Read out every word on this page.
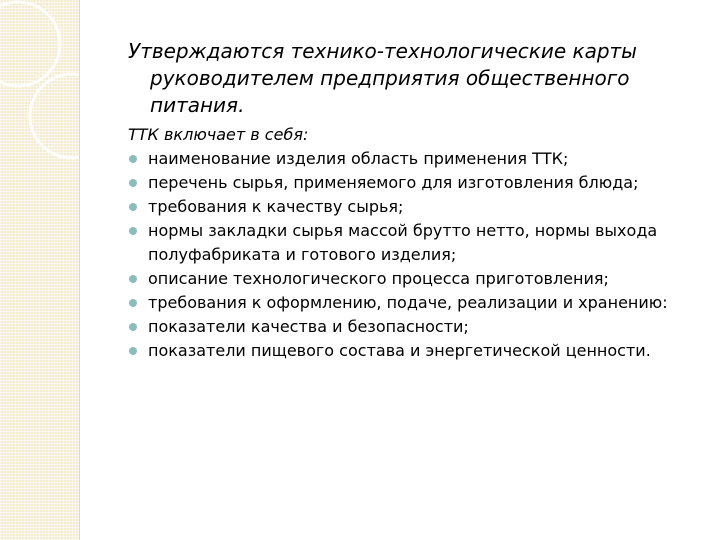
Утверждаются технико-технологические карты руководителем предприятия общественного питания.

ТТК включает в себя:

наименование изделия область применения ТТК;
перечень сырья, применяемого для изготовления блюда;
требования к качеству сырья;
нормы закладки сырья массой брутто нетто, нормы выхода полуфабриката и готового изделия;
описание технологического процесса приготовления;
требования к оформлению, подаче, реализации и хранению:
показатели качества и безопасности;
показатели пищевого состава и энергетической ценности.
